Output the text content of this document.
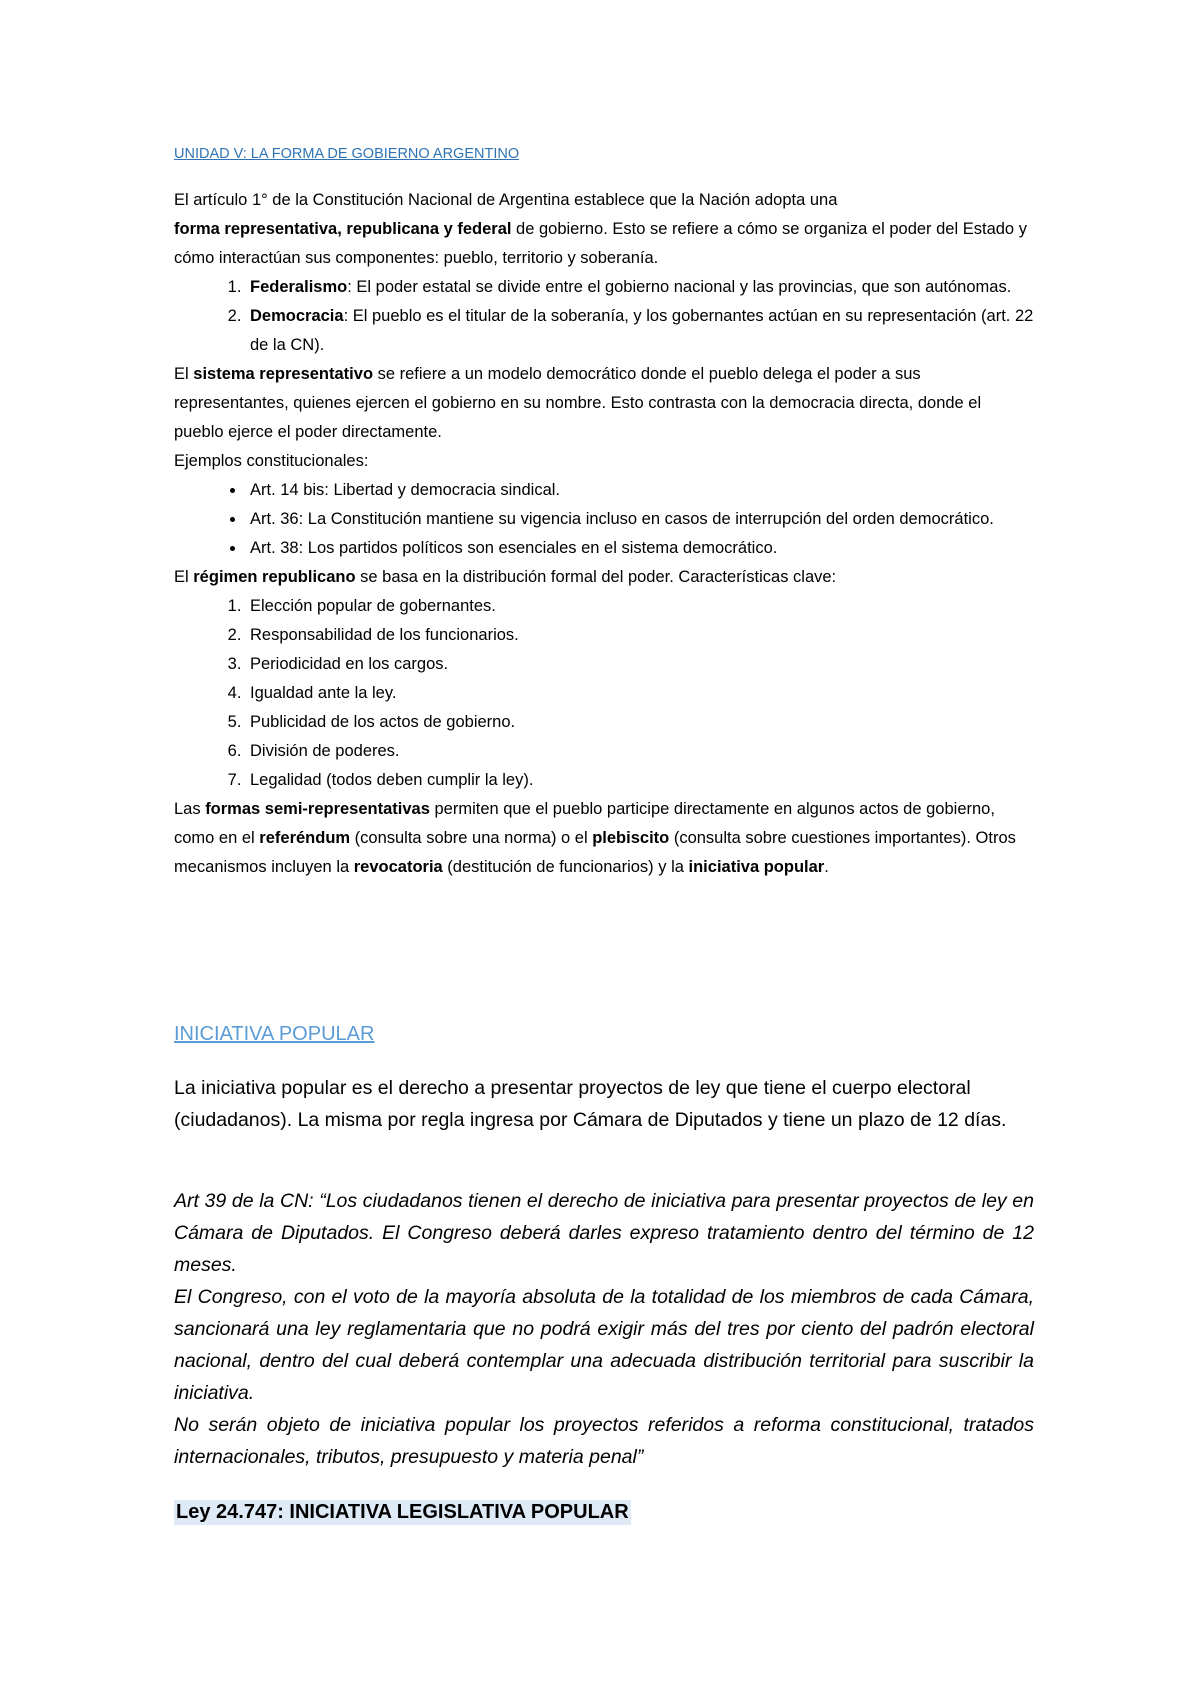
UNIDAD V: LA FORMA DE GOBIERNO ARGENTINO

El artículo 1° de la Constitución Nacional de Argentina establece que la Nación adopta una
forma representativa, republicana y federal de gobierno. Esto se refiere a cómo se organiza el poder del Estado y cómo interactúan sus componentes: pueblo, territorio y soberanía.

1. Federalismo: El poder estatal se divide entre el gobierno nacional y las provincias, que son autónomas.
2. Democracia: El pueblo es el titular de la soberanía, y los gobernantes actúan en su representación (art. 22 de la CN).

El sistema representativo se refiere a un modelo democrático donde el pueblo delega el poder a sus representantes, quienes ejercen el gobierno en su nombre. Esto contrasta con la democracia directa, donde el pueblo ejerce el poder directamente.

Ejemplos constitucionales:

• Art. 14 bis: Libertad y democracia sindical.
• Art. 36: La Constitución mantiene su vigencia incluso en casos de interrupción del orden democrático.
• Art. 38: Los partidos políticos son esenciales en el sistema democrático.

El régimen republicano se basa en la distribución formal del poder. Características clave:

1. Elección popular de gobernantes.
2. Responsabilidad de los funcionarios.
3. Periodicidad en los cargos.
4. Igualdad ante la ley.
5. Publicidad de los actos de gobierno.
6. División de poderes.
7. Legalidad (todos deben cumplir la ley).

Las formas semi-representativas permiten que el pueblo participe directamente en algunos actos de gobierno, como en el referéndum (consulta sobre una norma) o el plebiscito (consulta sobre cuestiones importantes). Otros mecanismos incluyen la revocatoria (destitución de funcionarios) y la iniciativa popular.

INICIATIVA POPULAR

La iniciativa popular es el derecho a presentar proyectos de ley que tiene el cuerpo electoral (ciudadanos). La misma por regla ingresa por Cámara de Diputados y tiene un plazo de 12 días.

Art 39 de la CN: “Los ciudadanos tienen el derecho de iniciativa para presentar proyectos de ley en Cámara de Diputados. El Congreso deberá darles expreso tratamiento dentro del término de 12 meses.

El Congreso, con el voto de la mayoría absoluta de la totalidad de los miembros de cada Cámara, sancionará una ley reglamentaria que no podrá exigir más del tres por ciento del padrón electoral nacional, dentro del cual deberá contemplar una adecuada distribución territorial para suscribir la iniciativa.

No serán objeto de iniciativa popular los proyectos referidos a reforma constitucional, tratados internacionales, tributos, presupuesto y materia penal”

Ley 24.747: INICIATIVA LEGISLATIVA POPULAR
